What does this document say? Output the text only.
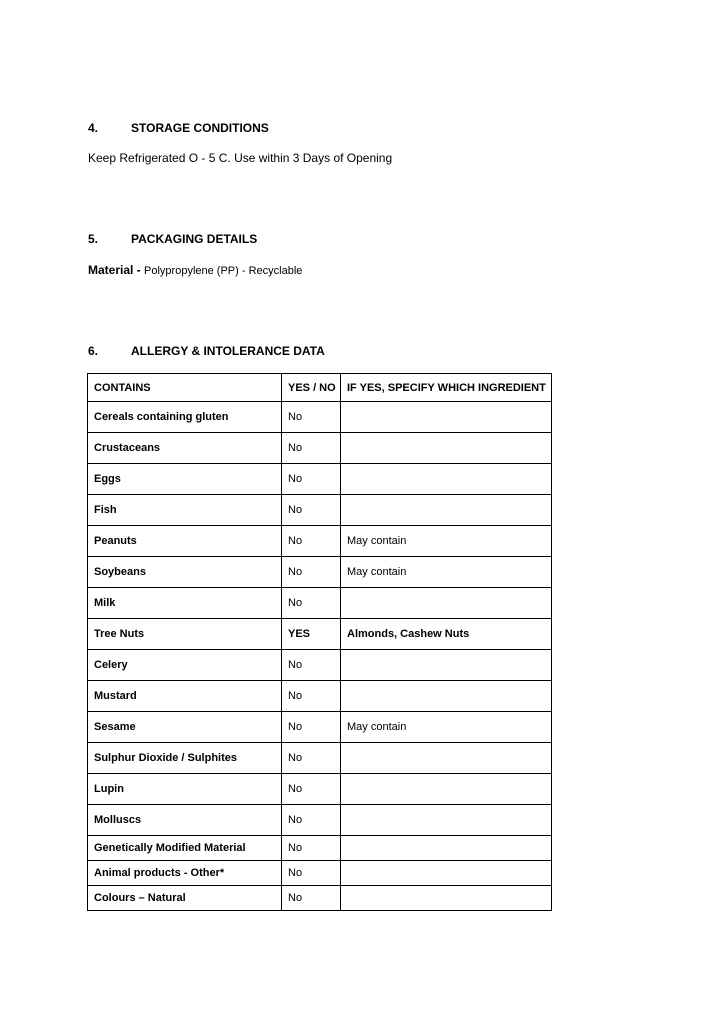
4.	STORAGE CONDITIONS
Keep Refrigerated O - 5 C. Use within 3 Days of Opening
5.	PACKAGING DETAILS
Material - Polypropylene (PP) - Recyclable
6.	ALLERGY & INTOLERANCE DATA
CONTAINS	YES / NO	IF YES, SPECIFY WHICH INGREDIENT
Cereals containing gluten	No	
Crustaceans	No	
Eggs	No	
Fish	No	
Peanuts	No	May contain
Soybeans	No	May contain
Milk	No	
Tree Nuts	YES	Almonds, Cashew Nuts
Celery	No	
Mustard	No	
Sesame	No	May contain
Sulphur Dioxide / Sulphites	No	
Lupin	No	
Molluscs	No	
Genetically Modified Material	No	
Animal products - Other*	No	
Colours – Natural	No	
